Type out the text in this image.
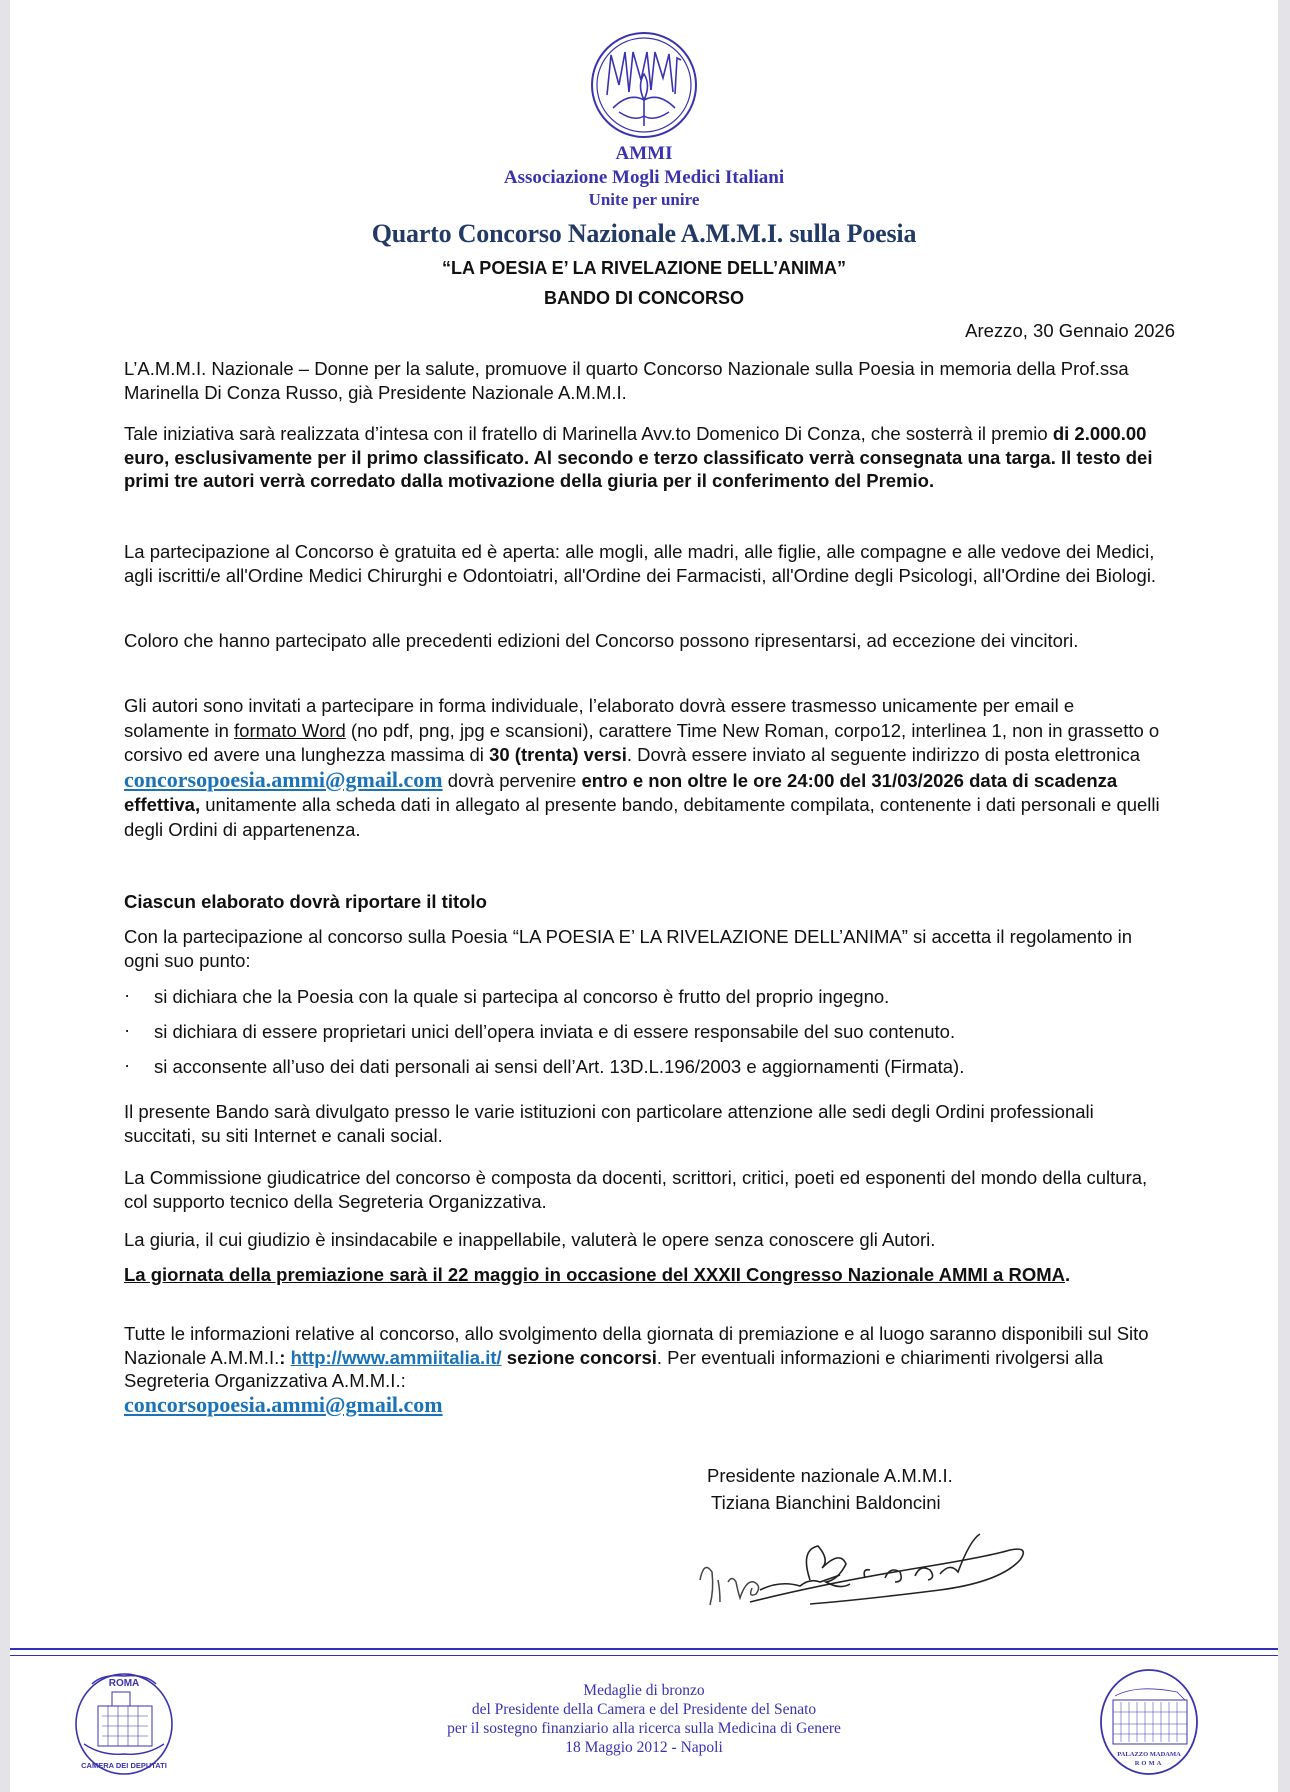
AMMI
Associazione Mogli Medici Italiani
Unite per unire
Quarto Concorso Nazionale A.M.M.I. sulla Poesia
“LA POESIA E’ LA RIVELAZIONE DELL’ANIMA”
BANDO DI CONCORSO
Arezzo, 30 Gennaio 2026

L’A.M.M.I. Nazionale – Donne per la salute, promuove il quarto Concorso Nazionale sulla Poesia in memoria della Prof.ssa Marinella Di Conza Russo, già Presidente Nazionale A.M.M.I.

Tale iniziativa sarà realizzata d’intesa con il fratello di Marinella Avv.to Domenico Di Conza, che sosterrà il premio di 2.000.00 euro, esclusivamente per il primo classificato. Al secondo e terzo classificato verrà consegnata una targa. Il testo dei primi tre autori verrà corredato dalla motivazione della giuria per il conferimento del Premio.

La partecipazione al Concorso è gratuita ed è aperta: alle mogli, alle madri, alle figlie, alle compagne e alle vedove dei Medici, agli iscritti/e all'Ordine Medici Chirurghi e Odontoiatri, all'Ordine dei Farmacisti, all'Ordine degli Psicologi, all'Ordine dei Biologi.

Coloro che hanno partecipato alle precedenti edizioni del Concorso possono ripresentarsi, ad eccezione dei vincitori.

Gli autori sono invitati a partecipare in forma individuale, l’elaborato dovrà essere trasmesso unicamente per email e solamente in formato Word (no pdf, png, jpg e scansioni), carattere Time New Roman, corpo12, interlinea 1, non in grassetto o corsivo ed avere una lunghezza massima di 30 (trenta) versi. Dovrà essere inviato al seguente indirizzo di posta elettronica concorsopoesia.ammi@gmail.com dovrà pervenire entro e non oltre le ore 24:00 del 31/03/2026 data di scadenza effettiva, unitamente alla scheda dati in allegato al presente bando, debitamente compilata, contenente i dati personali e quelli degli Ordini di appartenenza.

Ciascun elaborato dovrà riportare il titolo

Con la partecipazione al concorso sulla Poesia “LA POESIA E’ LA RIVELAZIONE DELL’ANIMA” si accetta il regolamento in ogni suo punto:

· si dichiara che la Poesia con la quale si partecipa al concorso è frutto del proprio ingegno.
· si dichiara di essere proprietari unici dell’opera inviata e di essere responsabile del suo contenuto.
· si acconsente all’uso dei dati personali ai sensi dell’Art. 13D.L.196/2003 e aggiornamenti (Firmata).

Il presente Bando sarà divulgato presso le varie istituzioni con particolare attenzione alle sedi degli Ordini professionali succitati, su siti Internet e canali social.

La Commissione giudicatrice del concorso è composta da docenti, scrittori, critici, poeti ed esponenti del mondo della cultura, col supporto tecnico della Segreteria Organizzativa.

La giuria, il cui giudizio è insindacabile e inappellabile, valuterà le opere senza conoscere gli Autori.

La giornata della premiazione sarà il 22 maggio in occasione del XXXII Congresso Nazionale AMMI a ROMA.

Tutte le informazioni relative al concorso, allo svolgimento della giornata di premiazione e al luogo saranno disponibili sul Sito Nazionale A.M.M.I.: http://www.ammiitalia.it/ sezione concorsi. Per eventuali informazioni e chiarimenti rivolgersi alla Segreteria Organizzativa A.M.M.I.:
concorsopoesia.ammi@gmail.com

Presidente nazionale A.M.M.I.
Tiziana Bianchini Baldoncini
ROMA
CAMERA DEI DEPUTATI
Medaglie di bronzo
del Presidente della Camera e del Presidente del Senato
per il sostegno finanziario alla ricerca sulla Medicina di Genere
18 Maggio 2012 - Napoli	PALAZZO MADAMA
ROMA
